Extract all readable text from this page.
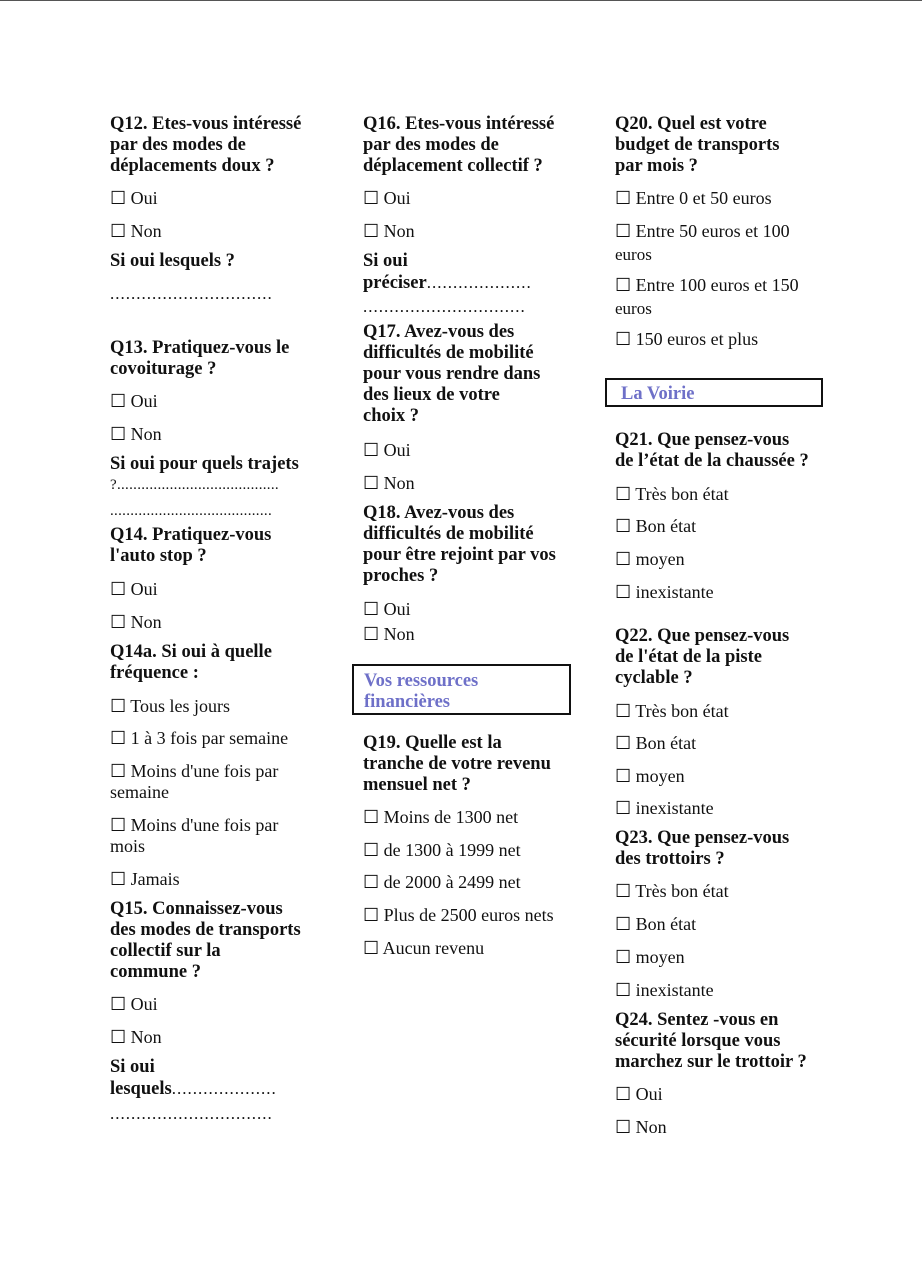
Q12. Etes-vous intéressé
par des modes de
déplacements doux ?
☐ Oui
☐ Non
Si oui lesquels ?
...............................
Q13. Pratiquez-vous le
covoiturage ?
☐ Oui
☐ Non
Si oui pour quels trajets
?........................................
........................................
Q14. Pratiquez-vous
l'auto stop ?
☐ Oui
☐ Non
Q14a. Si oui à quelle
fréquence :
☐ Tous les jours
☐ 1 à 3 fois par semaine
☐ Moins d'une fois par
semaine
☐ Moins d'une fois par
mois
☐ Jamais
Q15. Connaissez-vous
des modes de transports
collectif sur la
commune ?
☐ Oui
☐ Non
Si oui
lesquels....................
...............................
Q16. Etes-vous intéressé
par des modes de
déplacement collectif ?
☐ Oui
☐ Non
Si oui
préciser....................
...............................
Q17. Avez-vous des
difficultés de mobilité
pour vous rendre dans
des lieux de votre
choix ?
☐ Oui
☐ Non
Q18. Avez-vous des
difficultés de mobilité
pour être rejoint par vos
proches ?
☐ Oui
☐ Non
Vos ressources
financières
Q19. Quelle est la
tranche de votre revenu
mensuel net ?
☐ Moins de 1300 net
☐ de 1300 à 1999 net
☐ de 2000 à 2499 net
☐ Plus de 2500 euros nets
☐ Aucun revenu
Q20. Quel est votre
budget de transports
par mois ?
☐ Entre 0 et 50 euros
☐ Entre 50 euros et 100
euros
☐ Entre 100 euros et 150
euros
☐ 150 euros et plus
La Voirie
Q21. Que pensez-vous
de l’état de la chaussée ?
☐ Très bon état
☐ Bon état
☐ moyen
☐ inexistante
Q22. Que pensez-vous
de l'état de la piste
cyclable ?
☐ Très bon état
☐ Bon état
☐ moyen
☐ inexistante
Q23. Que pensez-vous
des trottoirs ?
☐ Très bon état
☐ Bon état
☐ moyen
☐ inexistante
Q24. Sentez -vous en
sécurité lorsque vous
marchez sur le trottoir ?
☐ Oui
☐ Non
